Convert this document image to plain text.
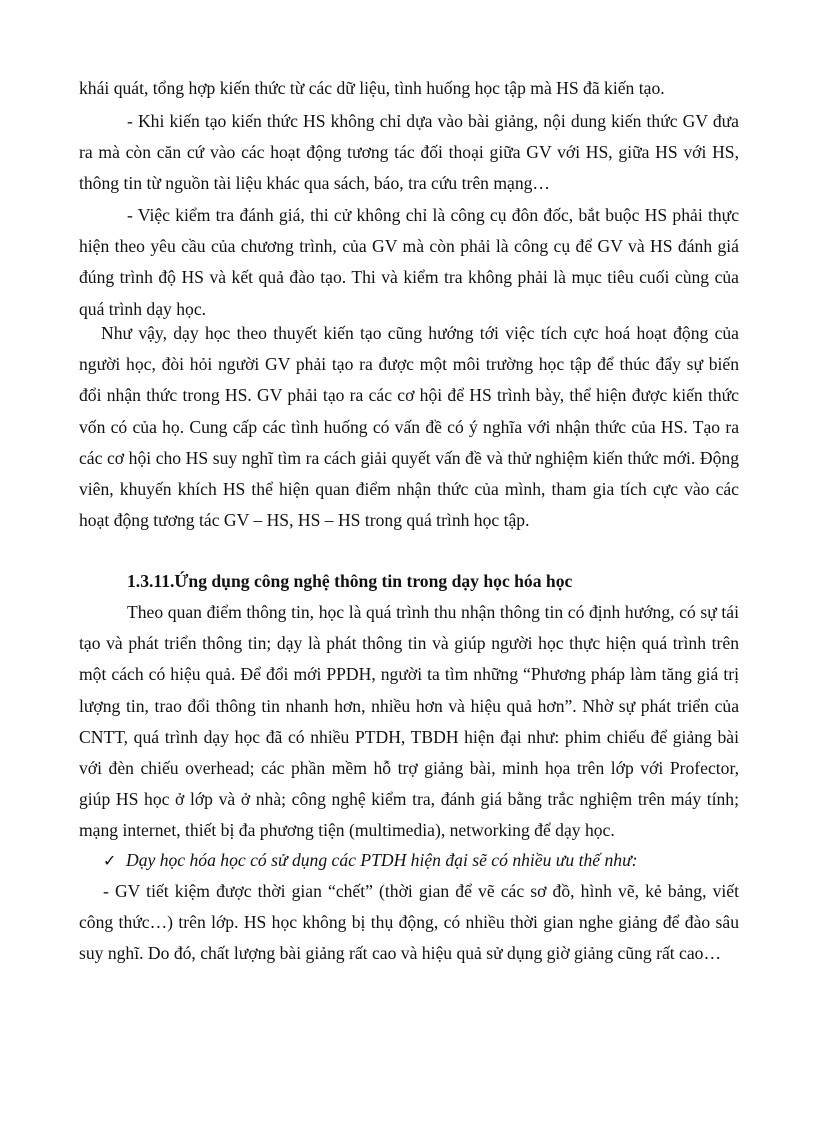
khái quát, tổng hợp kiến thức từ các dữ liệu, tình huống học tập mà HS đã kiến tạo.
- Khi kiến tạo kiến thức HS không chỉ dựa vào bài giảng, nội dung kiến thức GV đưa ra mà còn căn cứ vào các hoạt động tương tác đối thoại giữa GV với HS, giữa HS với HS, thông tin từ nguồn tài liệu khác qua sách, báo, tra cứu trên mạng…
- Việc kiểm tra đánh giá, thi cử không chỉ là công cụ đôn đốc, bắt buộc HS phải thực hiện theo yêu cầu của chương trình, của GV mà còn phải là công cụ để GV và HS đánh giá đúng trình độ HS và kết quả đào tạo. Thi và kiểm tra không phải là mục tiêu cuối cùng của quá trình dạy học.
Như vậy, dạy học theo thuyết kiến tạo cũng hướng tới việc tích cực hoá hoạt động của người học, đòi hỏi người GV phải tạo ra được một môi trường học tập để thúc đẩy sự biến đổi nhận thức trong HS. GV phải tạo ra các cơ hội để HS trình bày, thể hiện được kiến thức vốn có của họ. Cung cấp các tình huống có vấn đề có ý nghĩa với nhận thức của HS. Tạo ra các cơ hội cho HS suy nghĩ tìm ra cách giải quyết vấn đề và thử nghiệm kiến thức mới. Động viên, khuyến khích HS thể hiện quan điểm nhận thức của mình, tham gia tích cực vào các hoạt động tương tác GV – HS, HS – HS trong quá trình học tập.
1.3.11.Ứng dụng công nghệ thông tin trong dạy học hóa học
Theo quan điểm thông tin, học là quá trình thu nhận thông tin có định hướng, có sự tái tạo và phát triển thông tin; dạy là phát thông tin và giúp người học thực hiện quá trình trên một cách có hiệu quả. Để đổi mới PPDH, người ta tìm những “Phương pháp làm tăng giá trị lượng tin, trao đổi thông tin nhanh hơn, nhiều hơn và hiệu quả hơn”. Nhờ sự phát triển của CNTT, quá trình dạy học đã có nhiều PTDH, TBDH hiện đại như: phim chiếu để giảng bài với đèn chiếu overhead; các phần mềm hỗ trợ giảng bài, minh họa trên lớp với Profector, giúp HS học ở lớp và ở nhà; công nghệ kiểm tra, đánh giá bằng trắc nghiệm trên máy tính; mạng internet, thiết bị đa phương tiện (multimedia), networking để dạy học.
✓ Dạy học hóa học có sử dụng các PTDH hiện đại sẽ có nhiều ưu thế như:
- GV tiết kiệm được thời gian “chết” (thời gian để vẽ các sơ đồ, hình vẽ, kẻ bảng, viết công thức…) trên lớp. HS học không bị thụ động, có nhiều thời gian nghe giảng để đào sâu suy nghĩ. Do đó, chất lượng bài giảng rất cao và hiệu quả sử dụng giờ giảng cũng rất cao…
